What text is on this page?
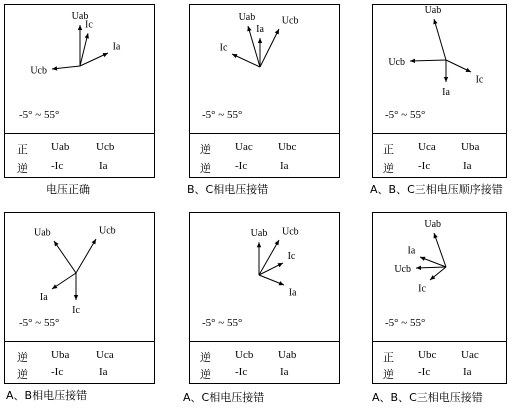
Uab
Ic
Ia
Ucb
-5° ~ 55°
正 Uab Ucb
逆 -Ic	Ia
电压正确
Uab
Ia
Ucb
Ic
-5° ~ 55°
逆 Uac Ubc
逆 -Ic	Ia
B、C相电压接错
Uab
Ucb
Ic
Ia
-5° ~ 55°
正 Uca Uba
逆 -Ic	Ia
A、B、C三相电压顺序接错
Uab	Ucb
Ia
Ic
-5° ~ 55°
逆 Uba Uca
逆 -Ic	Ia
A、B相电压接错
Uab Ucb
Ic
Ia
-5° ~ 55°
逆 Ucb Uab
逆 -Ic	Ia
A、C相电压接错
Uab
Ia
Ucb
Ic
-5° ~ 55°
正 Ubc Uac
逆 -Ic	Ia
A、B、C三相电压接错
